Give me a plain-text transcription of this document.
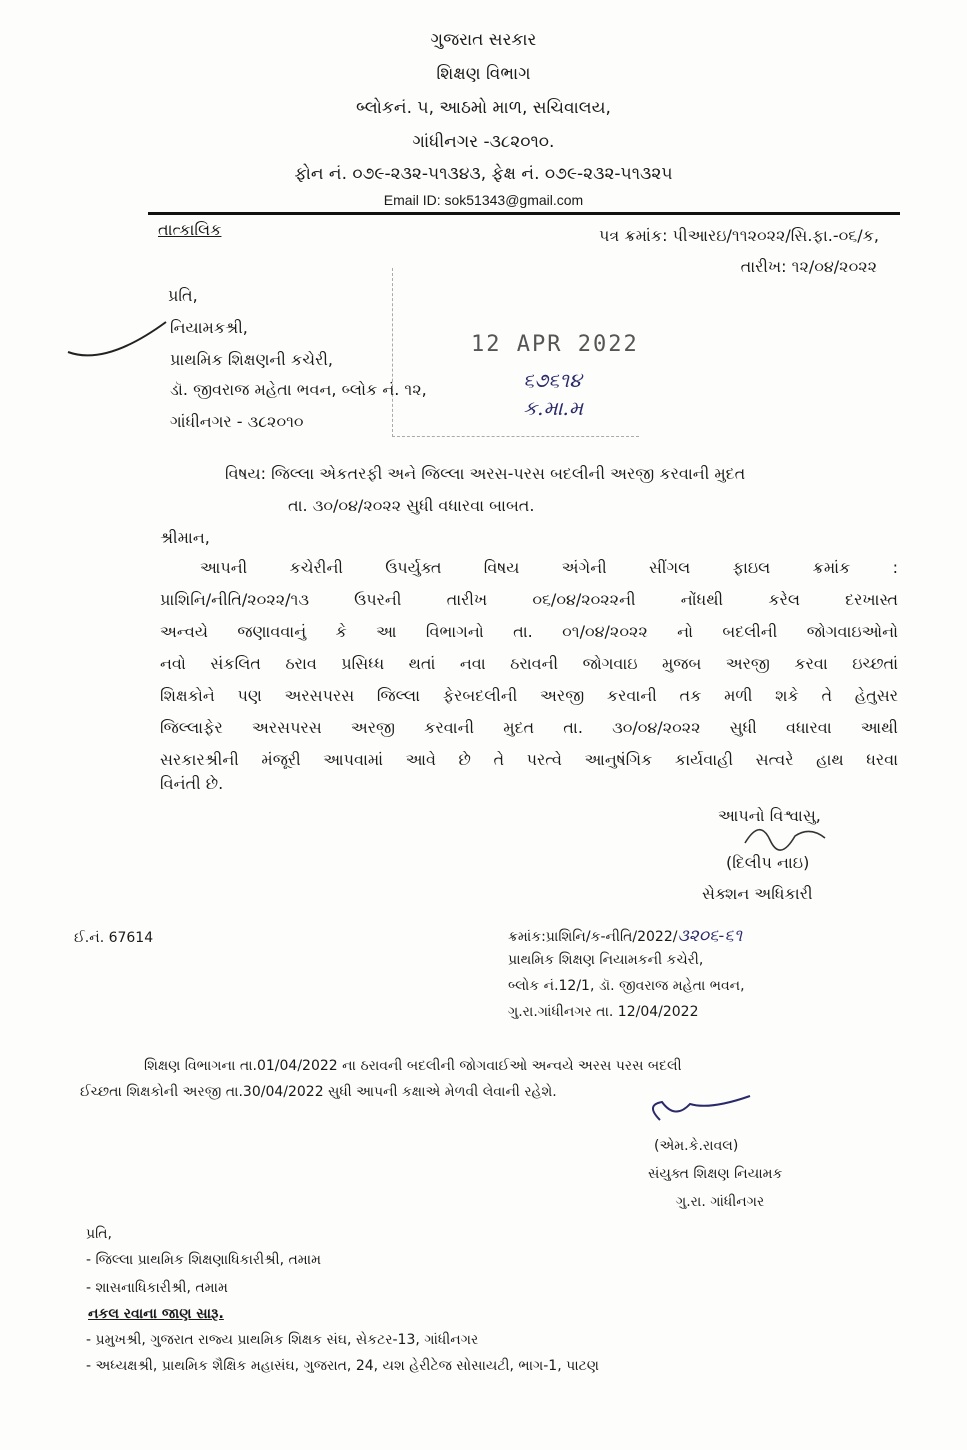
ગુજરાત સરકાર
શિક્ષણ વિભાગ
બ્લોકનં. ૫, આઠમો માળ, સચિવાલય,
ગાંધીનગર -૩૮૨૦૧૦.
ફોન નં. ૦૭૯-૨૩૨-૫૧૩૪૩, ફેક્ષ નં. ૦૭૯-૨૩૨-૫૧૩૨૫
Email ID: sok51343@gmail.com
તાત્કાલિક	પત્ર ક્રમાંક: પીઆરઇ/૧૧૨૦૨૨/સિ.ફા.-૦૬/ક,
તારીખ: ૧૨/૦૪/૨૦૨૨
12 APR 2022
૬૭૬૧૪
ક.મા.મ
પ્રતિ,
નિયામકશ્રી,
પ્રાથમિક શિક્ષણની કચેરી,
ડૉ. જીવરાજ મહેતા ભવન, બ્લોક નં. ૧૨,
ગાંધીનગર - ૩૮૨૦૧૦
વિષય: જિલ્લા એકતરફી અને જિલ્લા અરસ-પરસ બદલીની અરજી કરવાની મુદત
તા. ૩૦/૦૪/૨૦૨૨ સુધી વધારવા બાબત.
શ્રીમાન,
આપની કચેરીની ઉપર્યુક્ત વિષય અંગેની સીંગલ ફાઇલ ક્રમાંક :
પ્રાશિનિ/નીતિ/૨૦૨૨/૧૩ ઉપરની તારીખ ૦૬/૦૪/૨૦૨૨ની નોંધથી કરેલ દરખાસ્ત
અન્વયે જણાવવાનું કે આ વિભાગનો તા. ૦૧/૦૪/૨૦૨૨ નો બદલીની જોગવાઇઓનો
નવો સંકલિત ઠરાવ પ્રસિધ્ધ થતાં નવા ઠરાવની જોગવાઇ મુજબ અરજી કરવા ઇચ્છતાં
શિક્ષકોને પણ અરસપરસ જિલ્લા ફેરબદલીની અરજી કરવાની તક મળી શકે તે હેતુસર
જિલ્લાફેર અરસપરસ અરજી કરવાની મુદત તા. ૩૦/૦૪/૨૦૨૨ સુધી વધારવા આથી
સરકારશ્રીની મંજૂરી આપવામાં આવે છે તે પરત્વે આનુષંગિક કાર્યવાહી સત્વરે હાથ ધરવા
વિનંતી છે.
આપનો વિશ્વાસુ,
(દિલીપ નાઇ)
સેક્શન અધિકારી
ઈ.નં. 67614	ક્રમાંક:પ્રાશિનિ/ક-નીતિ/2022/૩૨૦૬-૬૧
પ્રાથમિક શિક્ષણ નિયામકની કચેરી,
બ્લોક નં.12/1, ડૉ. જીવરાજ મહેતા ભવન,
ગુ.રા.ગાંધીનગર તા. 12/04/2022
શિક્ષણ વિભાગના તા.01/04/2022 ના ઠરાવની બદલીની જોગવાઈઓ અન્વયે અરસ પરસ બદલી
ઈચ્છતા શિક્ષકોની અરજી તા.30/04/2022 સુધી આપની કક્ષાએ મેળવી લેવાની રહેશે.
(એમ.કે.રાવલ)
સંયુક્ત શિક્ષણ નિયામક
ગુ.રા. ગાંધીનગર
પ્રતિ,
- જિલ્લા પ્રાથમિક શિક્ષણાધિકારીશ્રી, તમામ
- શાસનાધિકારીશ્રી, તમામ
નકલ રવાના જાણ સારૂ.
- પ્રમુખશ્રી, ગુજરાત રાજ્ય પ્રાથમિક શિક્ષક સંઘ, સેકટર-13, ગાંધીનગર
- અધ્યક્ષશ્રી, પ્રાથમિક શૈક્ષિક મહાસંઘ, ગુજરાત, 24, યશ હેરીટેજ સોસાયટી, ભાગ-1, પાટણ
